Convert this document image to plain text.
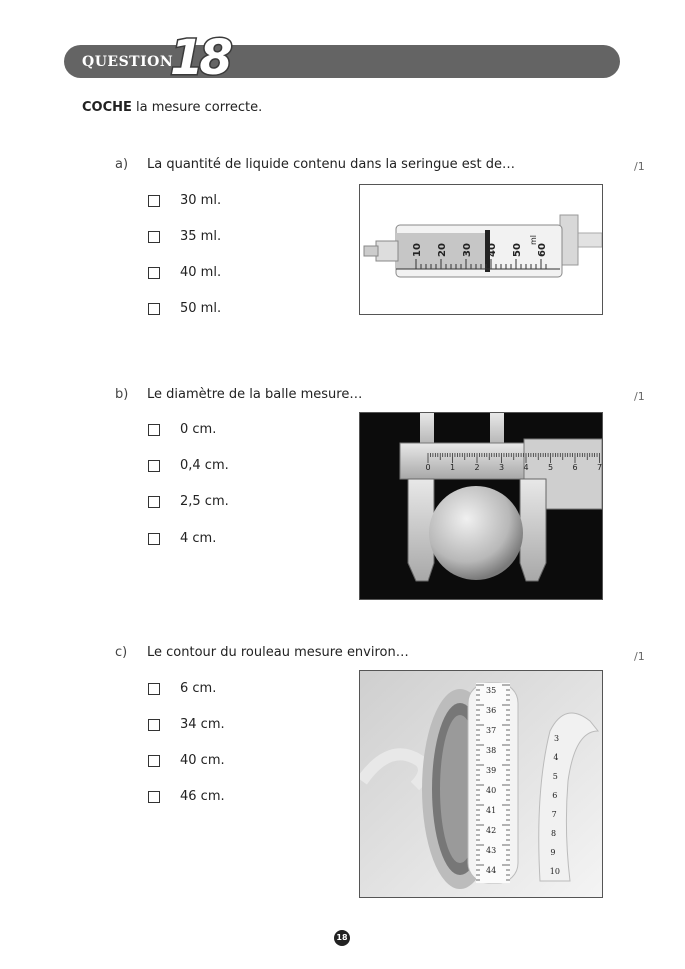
QUESTION
18
COCHE la mesure correcte.
a) La quantité de liquide contenu dans la seringue est de…	/1
30 ml.
35 ml.
40 ml.
50 ml.
10 20 30 40 50 60
ml
b) Le diamètre de la balle mesure…	/1
0 cm.
0,4 cm.
2,5 cm.
4 cm.
0 1 2 3 4 5 6 7
c) Le contour du rouleau mesure environ…	/1
6 cm.
34 cm.
40 cm.
46 cm.
35
36
37
38
39
40
41
42
43
44
3
4
5
6
7
8
9
10
18
